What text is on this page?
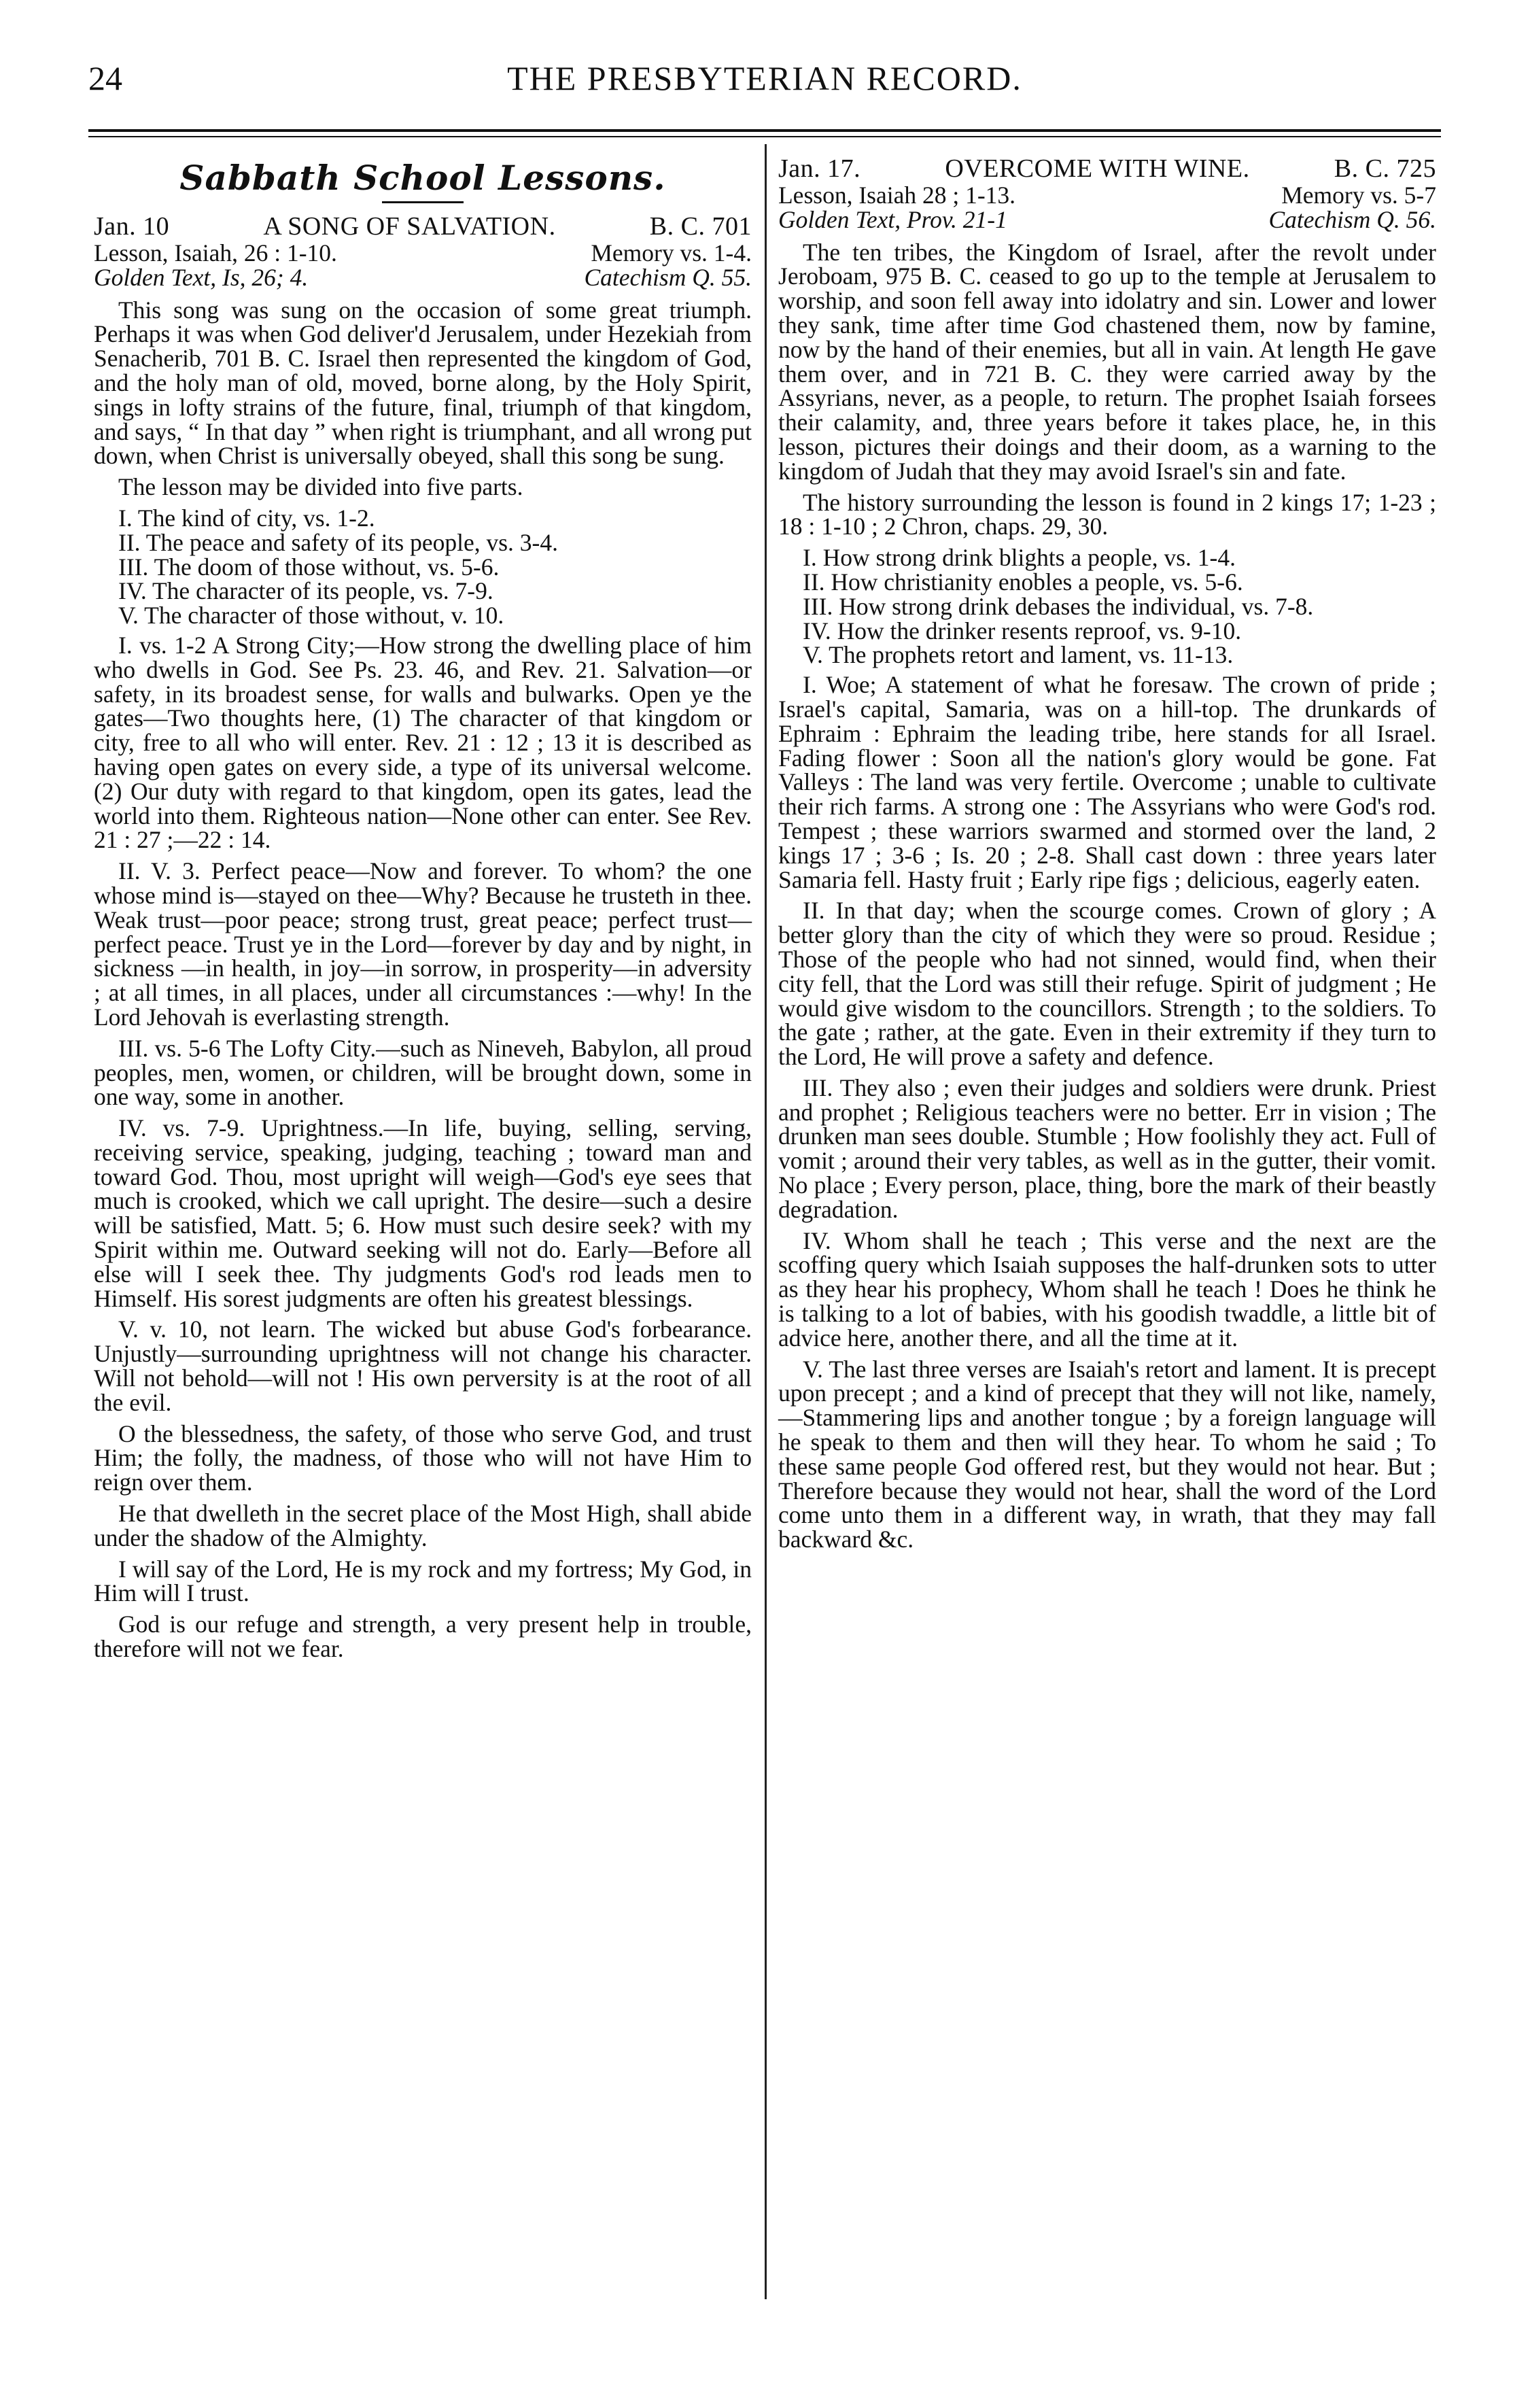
24	THE PRESBYTERIAN RECORD.
Sabbath School Lessons.
Jan. 10	A SONG OF SALVATION.	B. C. 701
Lesson, Isaiah, 26 : 1-10.	Memory vs. 1-4.
Golden Text, Is, 26; 4.	Catechism Q. 55.

This song was sung on the occasion of some great triumph. Perhaps it was when God deliver'd Jerusalem, under Hezekiah from Senacherib, 701 B. C. Israel then represented the kingdom of God, and the holy man of old, moved, borne along, by the Holy Spirit, sings in lofty strains of the future, final, triumph of that kingdom, and says, “ In that day ” when right is triumphant, and all wrong put down, when Christ is universally obeyed, shall this song be sung.

The lesson may be divided into five parts.

I. The kind of city, vs. 1-2.
II. The peace and safety of its people, vs. 3-4.
III. The doom of those without, vs. 5-6.
IV. The character of its people, vs. 7-9.
V. The character of those without, v. 10.

I. vs. 1-2 A Strong City;—How strong the dwelling place of him who dwells in God. See Ps. 23. 46, and Rev. 21. Salvation—or safety, in its broadest sense, for walls and bulwarks. Open ye the gates—Two thoughts here, (1) The character of that kingdom or city, free to all who will enter. Rev. 21 : 12 ; 13 it is described as having open gates on every side, a type of its universal welcome. (2) Our duty with regard to that kingdom, open its gates, lead the world into them. Righteous nation—None other can enter. See Rev. 21 : 27 ;—22 : 14.

II. V. 3. Perfect peace—Now and forever. To whom? the one whose mind is—stayed on thee—Why? Because he trusteth in thee. Weak trust—poor peace; strong trust, great peace; perfect trust—perfect peace. Trust ye in the Lord—forever by day and by night, in sickness —in health, in joy—in sorrow, in prosperity—in adversity ; at all times, in all places, under all circumstances :—why! In the Lord Jehovah is everlasting strength.

III. vs. 5-6 The Lofty City.—such as Nineveh, Babylon, all proud peoples, men, women, or children, will be brought down, some in one way, some in another.

IV. vs. 7-9. Uprightness.—In life, buying, selling, serving, receiving service, speaking, judging, teaching ; toward man and toward God. Thou, most upright will weigh—God's eye sees that much is crooked, which we call upright. The desire—such a desire will be satisfied, Matt. 5; 6. How must such desire seek? with my Spirit within me. Outward seeking will not do. Early—Before all else will I seek thee. Thy judgments God's rod leads men to Himself. His sorest judgments are often his greatest blessings.

V. v. 10, not learn. The wicked but abuse God's forbearance. Unjustly—surrounding uprightness will not change his character. Will not behold—will not ! His own perversity is at the root of all the evil.

O the blessedness, the safety, of those who serve God, and trust Him; the folly, the madness, of those who will not have Him to reign over them.

He that dwelleth in the secret place of the Most High, shall abide under the shadow of the Almighty.

I will say of the Lord, He is my rock and my fortress; My God, in Him will I trust.

God is our refuge and strength, a very present help in trouble, therefore will not we fear.

Jan. 17.	OVERCOME WITH WINE.	B. C. 725
Lesson, Isaiah 28 ; 1-13.	Memory vs. 5-7
Golden Text, Prov. 21-1	Catechism Q. 56.

The ten tribes, the Kingdom of Israel, after the revolt under Jeroboam, 975 B. C. ceased to go up to the temple at Jerusalem to worship, and soon fell away into idolatry and sin. Lower and lower they sank, time after time God chastened them, now by famine, now by the hand of their enemies, but all in vain. At length He gave them over, and in 721 B. C. they were carried away by the Assyrians, never, as a people, to return. The prophet Isaiah forsees their calamity, and, three years before it takes place, he, in this lesson, pictures their doings and their doom, as a warning to the kingdom of Judah that they may avoid Israel's sin and fate.

The history surrounding the lesson is found in 2 kings 17; 1-23 ; 18 : 1-10 ; 2 Chron, chaps. 29, 30.

I. How strong drink blights a people, vs. 1-4.
II. How christianity enobles a people, vs. 5-6.
III. How strong drink debases the individual, vs. 7-8.
IV. How the drinker resents reproof, vs. 9-10.
V. The prophets retort and lament, vs. 11-13.

I. Woe; A statement of what he foresaw. The crown of pride ; Israel's capital, Samaria, was on a hill-top. The drunkards of Ephraim : Ephraim the leading tribe, here stands for all Israel. Fading flower : Soon all the nation's glory would be gone. Fat Valleys : The land was very fertile. Overcome ; unable to cultivate their rich farms. A strong one : The Assyrians who were God's rod. Tempest ; these warriors swarmed and stormed over the land, 2 kings 17 ; 3-6 ; Is. 20 ; 2-8. Shall cast down : three years later Samaria fell. Hasty fruit ; Early ripe figs ; delicious, eagerly eaten.

II. In that day; when the scourge comes. Crown of glory ; A better glory than the city of which they were so proud. Residue ; Those of the people who had not sinned, would find, when their city fell, that the Lord was still their refuge. Spirit of judgment ; He would give wisdom to the councillors. Strength ; to the soldiers. To the gate ; rather, at the gate. Even in their extremity if they turn to the Lord, He will prove a safety and defence.

III. They also ; even their judges and soldiers were drunk. Priest and prophet ; Religious teachers were no better. Err in vision ; The drunken man sees double. Stumble ; How foolishly they act. Full of vomit ; around their very tables, as well as in the gutter, their vomit. No place ; Every person, place, thing, bore the mark of their beastly degradation.

IV. Whom shall he teach ; This verse and the next are the scoffing query which Isaiah supposes the half-drunken sots to utter as they hear his prophecy, Whom shall he teach ! Does he think he is talking to a lot of babies, with his goodish twaddle, a little bit of advice here, another there, and all the time at it.

V. The last three verses are Isaiah's retort and lament. It is precept upon precept ; and a kind of precept that they will not like, namely,—Stammering lips and another tongue ; by a foreign language will he speak to them and then will they hear. To whom he said ; To these same people God offered rest, but they would not hear. But ; Therefore because they would not hear, shall the word of the Lord come unto them in a different way, in wrath, that they may fall backward &c.
